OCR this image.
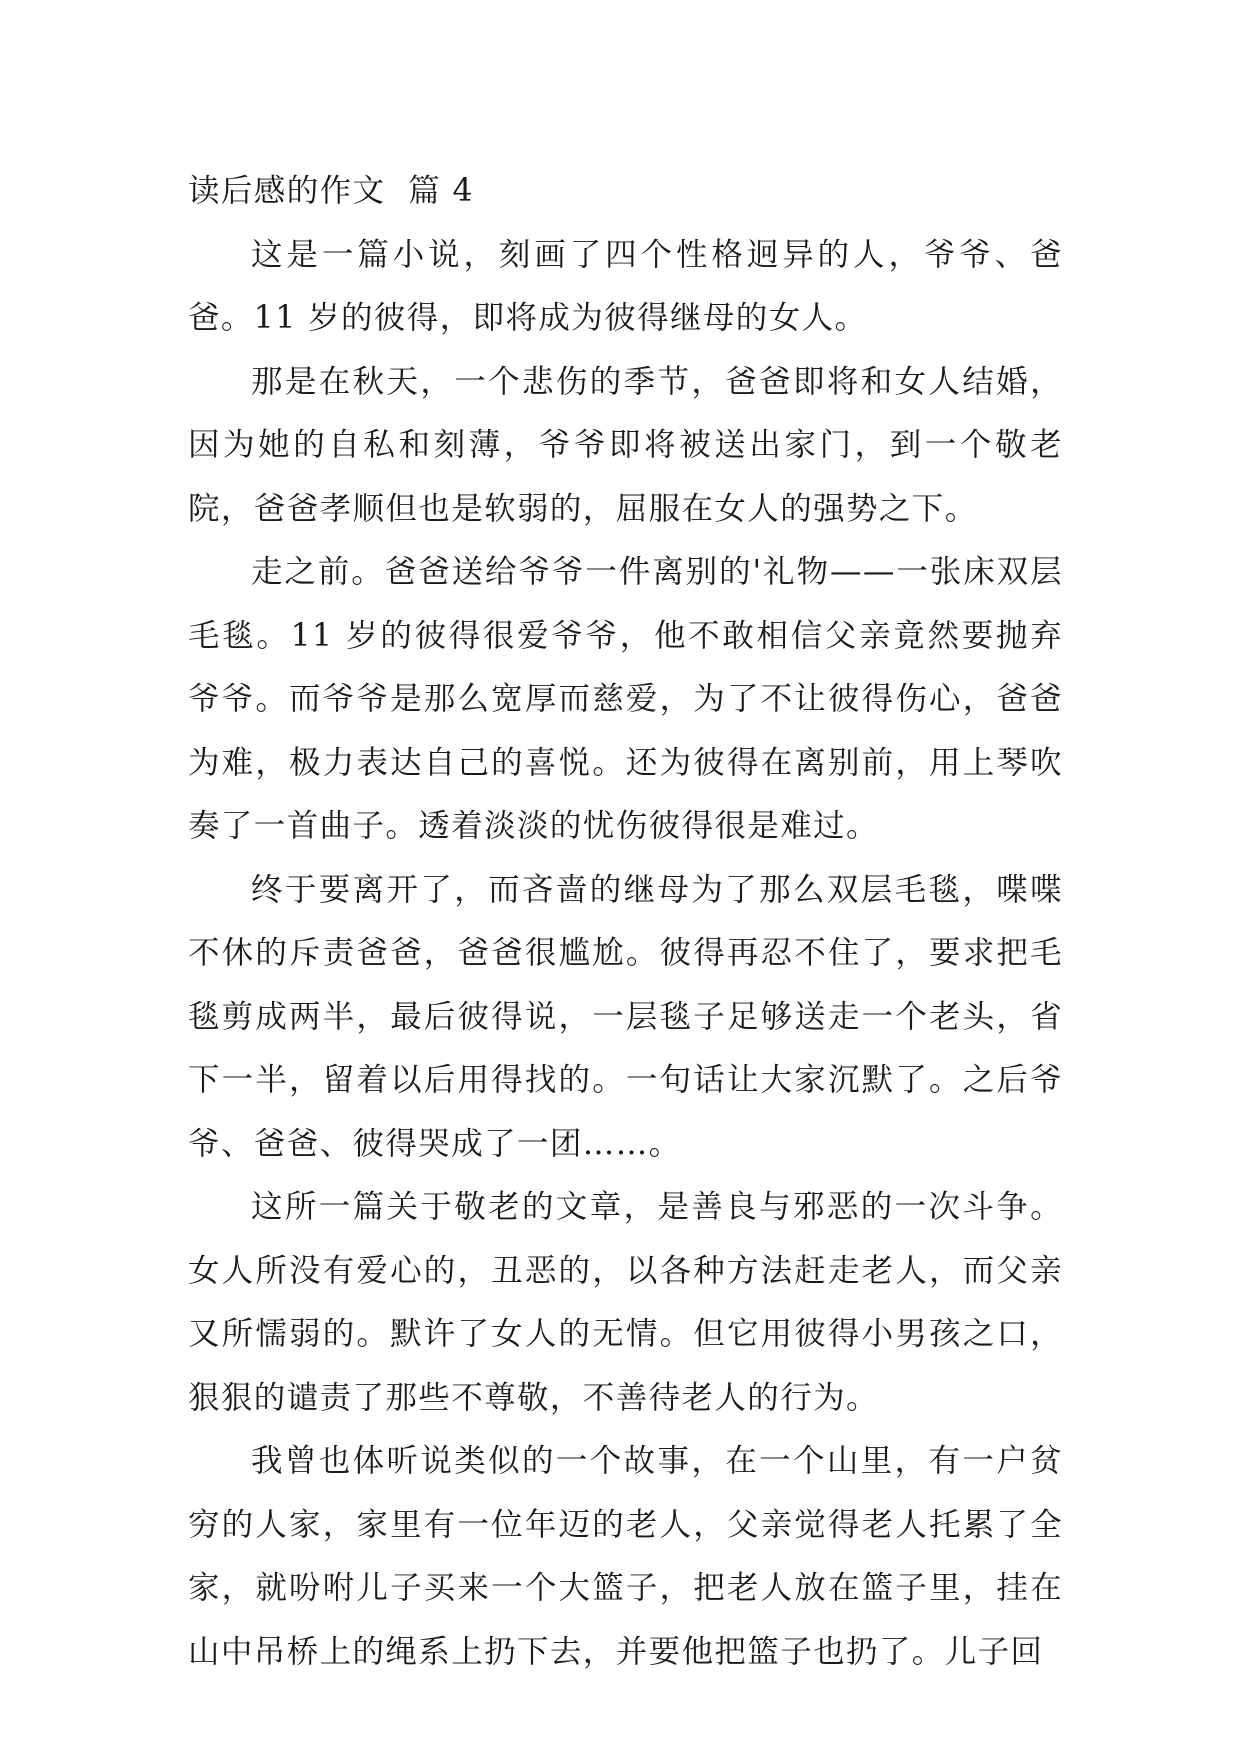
读后感的作文  篇 4

这是一篇小说，刻画了四个性格迥异的人，爷爷、爸爸。11 岁的彼得，即将成为彼得继母的女人。

那是在秋天，一个悲伤的季节，爸爸即将和女人结婚，因为她的自私和刻薄，爷爷即将被送出家门，到一个敬老院，爸爸孝顺但也是软弱的，屈服在女人的强势之下。

走之前。爸爸送给爷爷一件离别的'礼物——一张床双层毛毯。11 岁的彼得很爱爷爷，他不敢相信父亲竟然要抛弃爷爷。而爷爷是那么宽厚而慈爱，为了不让彼得伤心，爸爸为难，极力表达自己的喜悦。还为彼得在离别前，用上琴吹奏了一首曲子。透着淡淡的忧伤彼得很是难过。

终于要离开了，而吝啬的继母为了那么双层毛毯，喋喋不休的斥责爸爸，爸爸很尴尬。彼得再忍不住了，要求把毛毯剪成两半，最后彼得说，一层毯子足够送走一个老头，省下一半，留着以后用得找的。一句话让大家沉默了。之后爷爷、爸爸、彼得哭成了一团……。

这所一篇关于敬老的文章，是善良与邪恶的一次斗争。女人所没有爱心的，丑恶的，以各种方法赶走老人，而父亲又所懦弱的。默许了女人的无情。但它用彼得小男孩之口，狠狠的谴责了那些不尊敬，不善待老人的行为。

我曾也体听说类似的一个故事，在一个山里，有一户贫穷的人家，家里有一位年迈的老人，父亲觉得老人托累了全家，就吩咐儿子买来一个大篮子，把老人放在篮子里，挂在山中吊桥上的绳系上扔下去，并要他把篮子也扔了。儿子回
